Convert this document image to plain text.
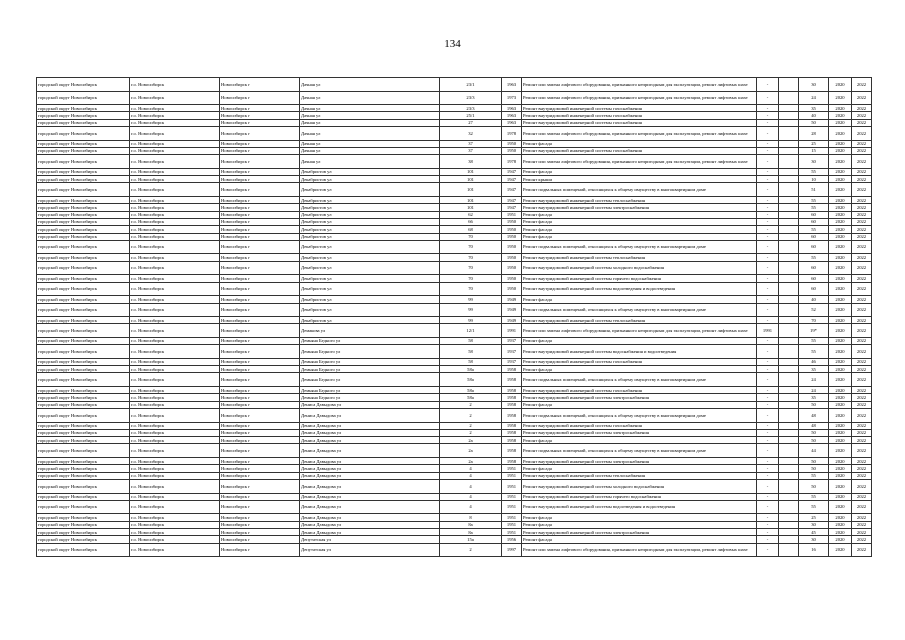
134
городской округ Новосибирск	г.о. Новосибирск	Новосибирск г	Дачная ул	23/1	1963	Ремонт или замена лифтового оборудования, признанного непригодным для эксплуатации, ремонт лифтовых шахт	-		30	2020	2022
городской округ Новосибирск	г.о. Новосибирск	Новосибирск г	Дачная ул	23/3	1973	Ремонт или замена лифтового оборудования, признанного непригодным для эксплуатации, ремонт лифтовых шахт	-		24	2020	2022
городской округ Новосибирск	г.о. Новосибирск	Новосибирск г	Дачная ул	23/3	1963	Ремонт внутридомовой инженерной системы газоснабжения	-		35	2020	2022
городской округ Новосибирск	г.о. Новосибирск	Новосибирск г	Дачная ул	25/1	1963	Ремонт внутридомовой инженерной системы газоснабжения	-		40	2020	2022
городской округ Новосибирск	г.о. Новосибирск	Новосибирск г	Дачная ул	27	1963	Ремонт внутридомовой инженерной системы газоснабжения	-		50	2020	2022
городской округ Новосибирск	г.о. Новосибирск	Новосибирск г	Дачная ул	32	1978	Ремонт или замена лифтового оборудования, признанного непригодным для эксплуатации, ремонт лифтовых шахт	-		28	2020	2022
городской округ Новосибирск	г.о. Новосибирск	Новосибирск г	Дачная ул	37	1950	Ремонт фасада	-		25	2020	2022
городской округ Новосибирск	г.о. Новосибирск	Новосибирск г	Дачная ул	37	1950	Ремонт внутридомовой инженерной системы газоснабжения	-		15	2020	2022
городской округ Новосибирск	г.о. Новосибирск	Новосибирск г	Дачная ул	38	1978	Ремонт или замена лифтового оборудования, признанного непригодным для эксплуатации, ремонт лифтовых шахт	-		30	2020	2022
городской округ Новосибирск	г.о. Новосибирск	Новосибирск г	Декабристов ул	101	1947	Ремонт фасада	-		55	2020	2022
городской округ Новосибирск	г.о. Новосибирск	Новосибирск г	Декабристов ул	101	1947	Ремонт крыши	-		10	2020	2022
городской округ Новосибирск	г.о. Новосибирск	Новосибирск г	Декабристов ул	101	1947	Ремонт подвальных помещений, относящихся к общему имуществу в многоквартирном доме	-		51	2020	2022
городской округ Новосибирск	г.о. Новосибирск	Новосибирск г	Декабристов ул	101	1947	Ремонт внутридомовой инженерной системы теплоснабжения	-		55	2020	2022
городской округ Новосибирск	г.о. Новосибирск	Новосибирск г	Декабристов ул	101	1947	Ремонт внутридомовой инженерной системы электроснабжения	-		55	2020	2022
городской округ Новосибирск	г.о. Новосибирск	Новосибирск г	Декабристов ул	62	1951	Ремонт фасада	-		60	2020	2022
городской округ Новосибирск	г.о. Новосибирск	Новосибирск г	Декабристов ул	66	1950	Ремонт фасада	-		60	2020	2022
городской округ Новосибирск	г.о. Новосибирск	Новосибирск г	Декабристов ул	68	1950	Ремонт фасада	-		55	2020	2022
городской округ Новосибирск	г.о. Новосибирск	Новосибирск г	Декабристов ул	70	1950	Ремонт фасада	-		60	2020	2022
городской округ Новосибирск	г.о. Новосибирск	Новосибирск г	Декабристов ул	70	1950	Ремонт подвальных помещений, относящихся к общему имуществу в многоквартирном доме	-		60	2020	2022
городской округ Новосибирск	г.о. Новосибирск	Новосибирск г	Декабристов ул	70	1950	Ремонт внутридомовой инженерной системы теплоснабжения	-		55	2020	2022
городской округ Новосибирск	г.о. Новосибирск	Новосибирск г	Декабристов ул	70	1950	Ремонт внутридомовой инженерной системы холодного водоснабжения	-		60	2020	2022
городской округ Новосибирск	г.о. Новосибирск	Новосибирск г	Декабристов ул	70	1950	Ремонт внутридомовой инженерной системы горячего водоснабжения	-		60	2020	2022
городской округ Новосибирск	г.о. Новосибирск	Новосибирск г	Декабристов ул	70	1950	Ремонт внутридомовой инженерной системы водоотведения и водоотведения	-		60	2020	2022
городской округ Новосибирск	г.о. Новосибирск	Новосибирск г	Декабристов ул	99	1949	Ремонт фасада	-		40	2020	2022
городской округ Новосибирск	г.о. Новосибирск	Новосибирск г	Декабристов ул	99	1949	Ремонт подвальных помещений, относящихся к общему имуществу в многоквартирном доме	-		52	2020	2022
городской округ Новосибирск	г.о. Новосибирск	Новосибирск г	Декабристов ул	99	1949	Ремонт внутридомовой инженерной системы теплоснабжения	-		70	2020	2022
городской округ Новосибирск	г.о. Новосибирск	Новосибирск г	Демакова ул	12/1	1991	Ремонт или замена лифтового оборудования, признанного непригодным для эксплуатации, ремонт лифтовых шахт	1991		19*	2020	2022
городской округ Новосибирск	г.о. Новосибирск	Новосибирск г	Демьяна Бедного ул	58	1937	Ремонт фасада	-		55	2020	2022
городской округ Новосибирск	г.о. Новосибирск	Новосибирск г	Демьяна Бедного ул	58	1937	Ремонт внутридомовой инженерной системы водоснабжения и водоотведения	-		55	2020	2022
городской округ Новосибирск	г.о. Новосибирск	Новосибирск г	Демьяна Бедного ул	58	1937	Ремонт внутридомовой инженерной системы газоснабжения	-		46	2020	2022
городской округ Новосибирск	г.о. Новосибирск	Новосибирск г	Демьяна Бедного ул	58а	1958	Ремонт фасада	-		35	2020	2022
городской округ Новосибирск	г.о. Новосибирск	Новосибирск г	Демьяна Бедного ул	58а	1958	Ремонт подвальных помещений, относящихся к общему имуществу в многоквартирном доме	-		24	2020	2022
городской округ Новосибирск	г.о. Новосибирск	Новосибирск г	Демьяна Бедного ул	58а	1958	Ремонт внутридомовой инженерной системы газоснабжения	-		24	2020	2022
городской округ Новосибирск	г.о. Новосибирск	Новосибирск г	Демьяна Бедного ул	58а	1958	Ремонт внутридомовой инженерной системы электроснабжения	-		35	2020	2022
городской округ Новосибирск	г.о. Новосибирск	Новосибирск г	Дениса Давыдова ул	2	1958	Ремонт фасада	-		50	2020	2022
городской округ Новосибирск	г.о. Новосибирск	Новосибирск г	Дениса Давыдова ул	2	1958	Ремонт подвальных помещений, относящихся к общему имуществу в многоквартирном доме	-		48	2020	2022
городской округ Новосибирск	г.о. Новосибирск	Новосибирск г	Дениса Давыдова ул	2	1958	Ремонт внутридомовой инженерной системы газоснабжения	-		48	2020	2022
городской округ Новосибирск	г.о. Новосибирск	Новосибирск г	Дениса Давыдова ул	2	1958	Ремонт внутридомовой инженерной системы электроснабжения	-		50	2020	2022
городской округ Новосибирск	г.о. Новосибирск	Новосибирск г	Дениса Давыдова ул	2а	1958	Ремонт фасада	-		50	2020	2022
городской округ Новосибирск	г.о. Новосибирск	Новосибирск г	Дениса Давыдова ул	2а	1958	Ремонт подвальных помещений, относящихся к общему имуществу в многоквартирном доме	-		44	2020	2022
городской округ Новосибирск	г.о. Новосибирск	Новосибирск г	Дениса Давыдова ул	2а	1958	Ремонт внутридомовой инженерной системы электроснабжения	-		50	2020	2022
городской округ Новосибирск	г.о. Новосибирск	Новосибирск г	Дениса Давыдова ул	4	1951	Ремонт фасада	-		50	2020	2022
городской округ Новосибирск	г.о. Новосибирск	Новосибирск г	Дениса Давыдова ул	4	1951	Ремонт внутридомовой инженерной системы теплоснабжения	-		55	2020	2022
городской округ Новосибирск	г.о. Новосибирск	Новосибирск г	Дениса Давыдова ул	4	1951	Ремонт внутридомовой инженерной системы холодного водоснабжения	-		50	2020	2022
городской округ Новосибирск	г.о. Новосибирск	Новосибирск г	Дениса Давыдова ул	4	1951	Ремонт внутридомовой инженерной системы горячего водоснабжения	-		55	2020	2022
городской округ Новосибирск	г.о. Новосибирск	Новосибирск г	Дениса Давыдова ул	4	1951	Ремонт внутридомовой инженерной системы водоотведения и водоотведения	-		55	2020	2022
городской округ Новосибирск	г.о. Новосибирск	Новосибирск г	Дениса Давыдова ул	8	1951	Ремонт фасада	-		25	2020	2022
городской округ Новосибирск	г.о. Новосибирск	Новосибирск г	Дениса Давыдова ул	8а	1951	Ремонт фасада	-		30	2020	2022
городской округ Новосибирск	г.о. Новосибирск	Новосибирск г	Дениса Давыдова ул	8а	1951	Ремонт внутридомовой инженерной системы электроснабжения	-		45	2020	2022
городской округ Новосибирск	г.о. Новосибирск	Новосибирск г	Депутатская ул	15а	1956	Ремонт фасада	-		30	2020	2022
городской округ Новосибирск	г.о. Новосибирск	Новосибирск г	Депутатская ул	2	1997	Ремонт или замена лифтового оборудования, признанного непригодным для эксплуатации, ремонт лифтовых шахт	-		16	2020	2022
